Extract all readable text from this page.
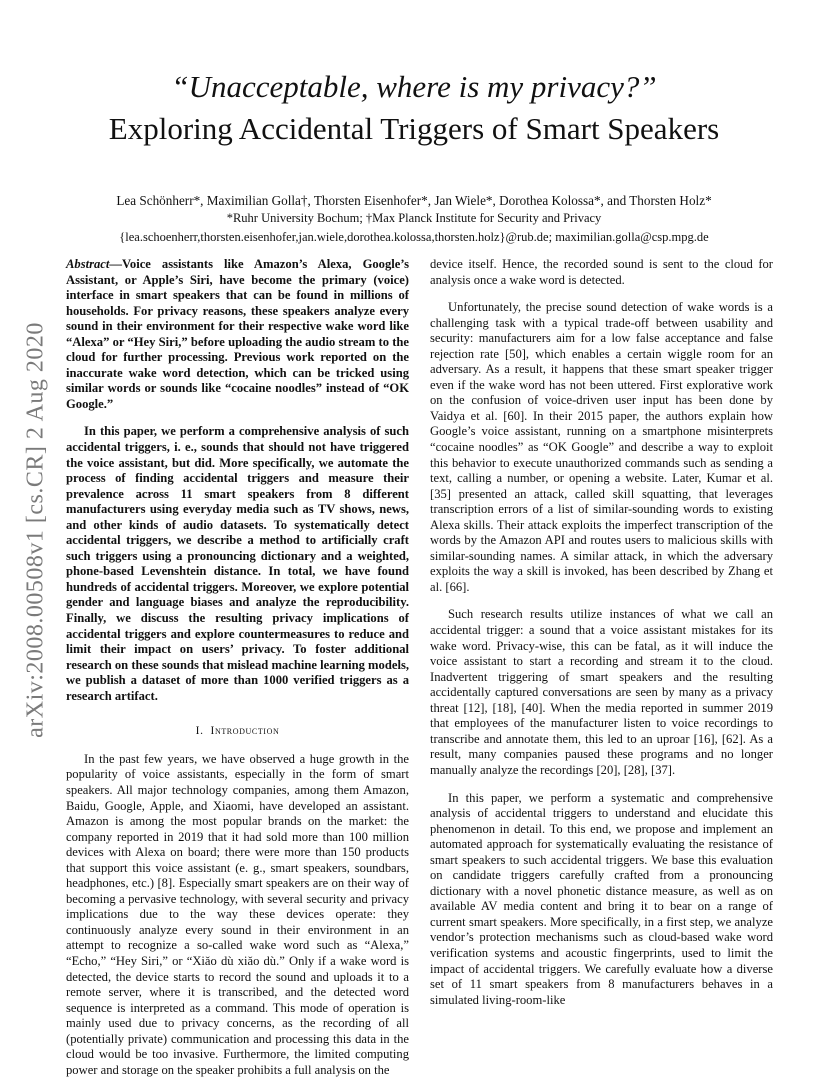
arXiv:2008.00508v1 [cs.CR] 2 Aug 2020
“Unacceptable, where is my privacy?”
Exploring Accidental Triggers of Smart Speakers
Lea Schönherr*, Maximilian Golla†, Thorsten Eisenhofer*, Jan Wiele*, Dorothea Kolossa*, and Thorsten Holz*
*Ruhr University Bochum; †Max Planck Institute for Security and Privacy
{lea.schoenherr,thorsten.eisenhofer,jan.wiele,dorothea.kolossa,thorsten.holz}@rub.de; maximilian.golla@csp.mpg.de

Abstract—Voice assistants like Amazon’s Alexa, Google’s Assistant, or Apple’s Siri, have become the primary (voice) interface in smart speakers that can be found in millions of households. For privacy reasons, these speakers analyze every sound in their environment for their respective wake word like “Alexa” or “Hey Siri,” before uploading the audio stream to the cloud for further processing. Previous work reported on the inaccurate wake word detection, which can be tricked using similar words or sounds like “cocaine noodles” instead of “OK Google.”

In this paper, we perform a comprehensive analysis of such accidental triggers, i. e., sounds that should not have triggered the voice assistant, but did. More specifically, we automate the process of finding accidental triggers and measure their prevalence across 11 smart speakers from 8 different manufacturers using everyday media such as TV shows, news, and other kinds of audio datasets. To systematically detect accidental triggers, we describe a method to artificially craft such triggers using a pronouncing dictionary and a weighted, phone-based Levenshtein distance. In total, we have found hundreds of accidental triggers. Moreover, we explore potential gender and language biases and analyze the reproducibility. Finally, we discuss the resulting privacy implications of accidental triggers and explore countermeasures to reduce and limit their impact on users’ privacy. To foster additional research on these sounds that mislead machine learning models, we publish a dataset of more than 1000 verified triggers as a research artifact.

I. Introduction

In the past few years, we have observed a huge growth in the popularity of voice assistants, especially in the form of smart speakers. All major technology companies, among them Amazon, Baidu, Google, Apple, and Xiaomi, have developed an assistant. Amazon is among the most popular brands on the market: the company reported in 2019 that it had sold more than 100 million devices with Alexa on board; there were more than 150 products that support this voice assistant (e. g., smart speakers, soundbars, headphones, etc.) [8]. Especially smart speakers are on their way of becoming a pervasive technology, with several security and privacy implications due to the way these devices operate: they continuously analyze every sound in their environment in an attempt to recognize a so-called wake word such as “Alexa,” “Echo,” “Hey Siri,” or “Xiǎo dù xiǎo dù.” Only if a wake word is detected, the device starts to record the sound and uploads it to a remote server, where it is transcribed, and the detected word sequence is interpreted as a command. This mode of operation is mainly used due to privacy concerns, as the recording of all (potentially private) communication and processing this data in the cloud would be too invasive. Furthermore, the limited computing power and storage on the speaker prohibits a full analysis on the

device itself. Hence, the recorded sound is sent to the cloud for analysis once a wake word is detected.

Unfortunately, the precise sound detection of wake words is a challenging task with a typical trade-off between usability and security: manufacturers aim for a low false acceptance and false rejection rate [50], which enables a certain wiggle room for an adversary. As a result, it happens that these smart speaker trigger even if the wake word has not been uttered. First explorative work on the confusion of voice-driven user input has been done by Vaidya et al. [60]. In their 2015 paper, the authors explain how Google’s voice assistant, running on a smartphone misinterprets “cocaine noodles” as “OK Google” and describe a way to exploit this behavior to execute unauthorized commands such as sending a text, calling a number, or opening a website. Later, Kumar et al. [35] presented an attack, called skill squatting, that leverages transcription errors of a list of similar-sounding words to existing Alexa skills. Their attack exploits the imperfect transcription of the words by the Amazon API and routes users to malicious skills with similar-sounding names. A similar attack, in which the adversary exploits the way a skill is invoked, has been described by Zhang et al. [66].

Such research results utilize instances of what we call an accidental trigger: a sound that a voice assistant mistakes for its wake word. Privacy-wise, this can be fatal, as it will induce the voice assistant to start a recording and stream it to the cloud. Inadvertent triggering of smart speakers and the resulting accidentally captured conversations are seen by many as a privacy threat [12], [18], [40]. When the media reported in summer 2019 that employees of the manufacturer listen to voice recordings to transcribe and annotate them, this led to an uproar [16], [62]. As a result, many companies paused these programs and no longer manually analyze the recordings [20], [28], [37].

In this paper, we perform a systematic and comprehensive analysis of accidental triggers to understand and elucidate this phenomenon in detail. To this end, we propose and implement an automated approach for systematically evaluating the resistance of smart speakers to such accidental triggers. We base this evaluation on candidate triggers carefully crafted from a pronouncing dictionary with a novel phonetic distance measure, as well as on available AV media content and bring it to bear on a range of current smart speakers. More specifically, in a first step, we analyze vendor’s protection mechanisms such as cloud-based wake word verification systems and acoustic fingerprints, used to limit the impact of accidental triggers. We carefully evaluate how a diverse set of 11 smart speakers from 8 manufacturers behaves in a simulated living-room-like
